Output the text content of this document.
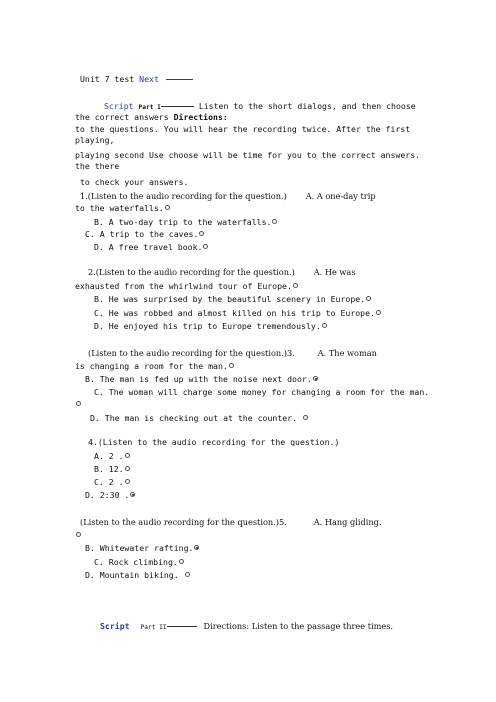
Unit 7 test Next
Script Part I	Listen to the short dialogs, and then choose
the correct answers Directions:
to the questions. You will hear the recording twice. After the first
playing,
playing second Use choose will be time for you to the correct answers.
the there
to check your answers.
1.(Listen to the audio recording for the question.) A. A one-day trip
to the waterfalls.
B. A two-day trip to the waterfalls.
C. A trip to the caves.
D. A free travel book.
2.(Listen to the audio recording for the question.) A. He was
exhausted from the whirlwind tour of Europe.
B. He was surprised by the beautiful scenery in Europe.
C. He was robbed and almost killed on his trip to Europe.
D. He enjoyed his trip to Europe tremendously.
(Listen to the audio recording for the question.)3.	A. The woman
is changing a room for the man.
B. The man is fed up with the noise next door.
C. The woman will charge some money for changing a room for the man.
D. The man is checking out at the counter.
4.(Listen to the audio recording for the question.)
A. 2 .
B. 12.
C. 2 .
D. 2:30 .
(Listen to the audio recording for the question.)5.	A. Hang gliding.
B. Whitewater rafting.
C. Rock climbing.
D. Mountain biking.
Script Part II	Directions: Listen to the passage three times.
